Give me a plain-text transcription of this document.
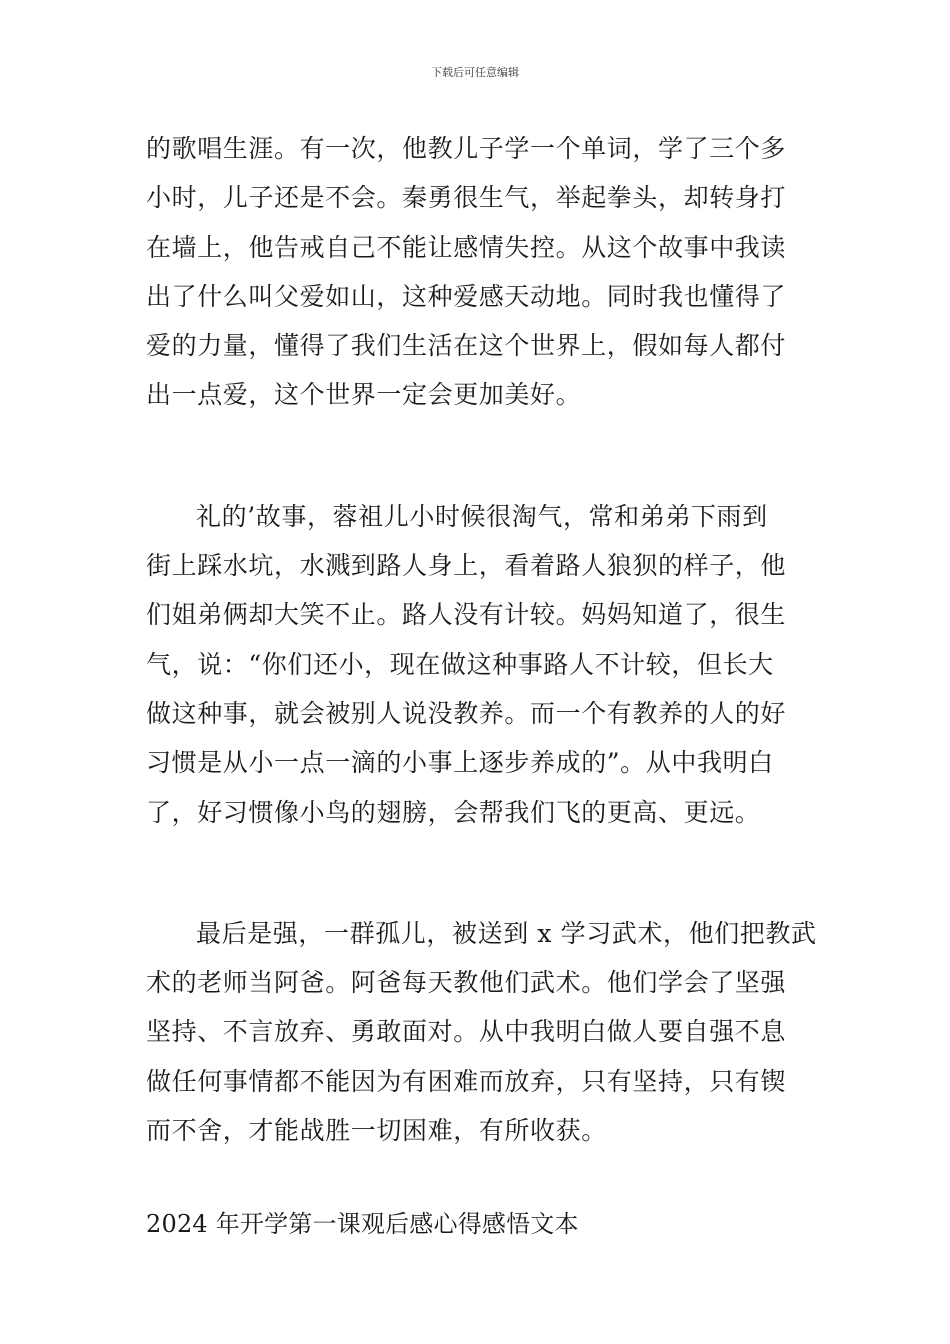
下载后可任意编辑
的歌唱生涯。有一次，他教儿子学一个单词，学了三个多
小时，儿子还是不会。秦勇很生气，举起拳头，却转身打
在墙上，他告戒自己不能让感情失控。从这个故事中我读
出了什么叫父爱如山，这种爱感天动地。同时我也懂得了
爱的力量，懂得了我们生活在这个世界上，假如每人都付
出一点爱，这个世界一定会更加美好。
礼的’故事，蓉祖儿小时候很淘气，常和弟弟下雨到
街上踩水坑，水溅到路人身上，看着路人狼狈的样子，他
们姐弟俩却大笑不止。路人没有计较。妈妈知道了，很生
气，说：“你们还小，现在做这种事路人不计较，但长大
做这种事，就会被别人说没教养。而一个有教养的人的好
习惯是从小一点一滴的小事上逐步养成的”。从中我明白
了，好习惯像小鸟的翅膀，会帮我们飞的更高、更远。
最后是强，一群孤儿，被送到 x 学习武术，他们把教武
术的老师当阿爸。阿爸每天教他们武术。他们学会了坚强
坚持、不言放弃、勇敢面对。从中我明白做人要自强不息
做任何事情都不能因为有困难而放弃，只有坚持，只有锲
而不舍，才能战胜一切困难，有所收获。
2024 年开学第一课观后感心得感悟文本
